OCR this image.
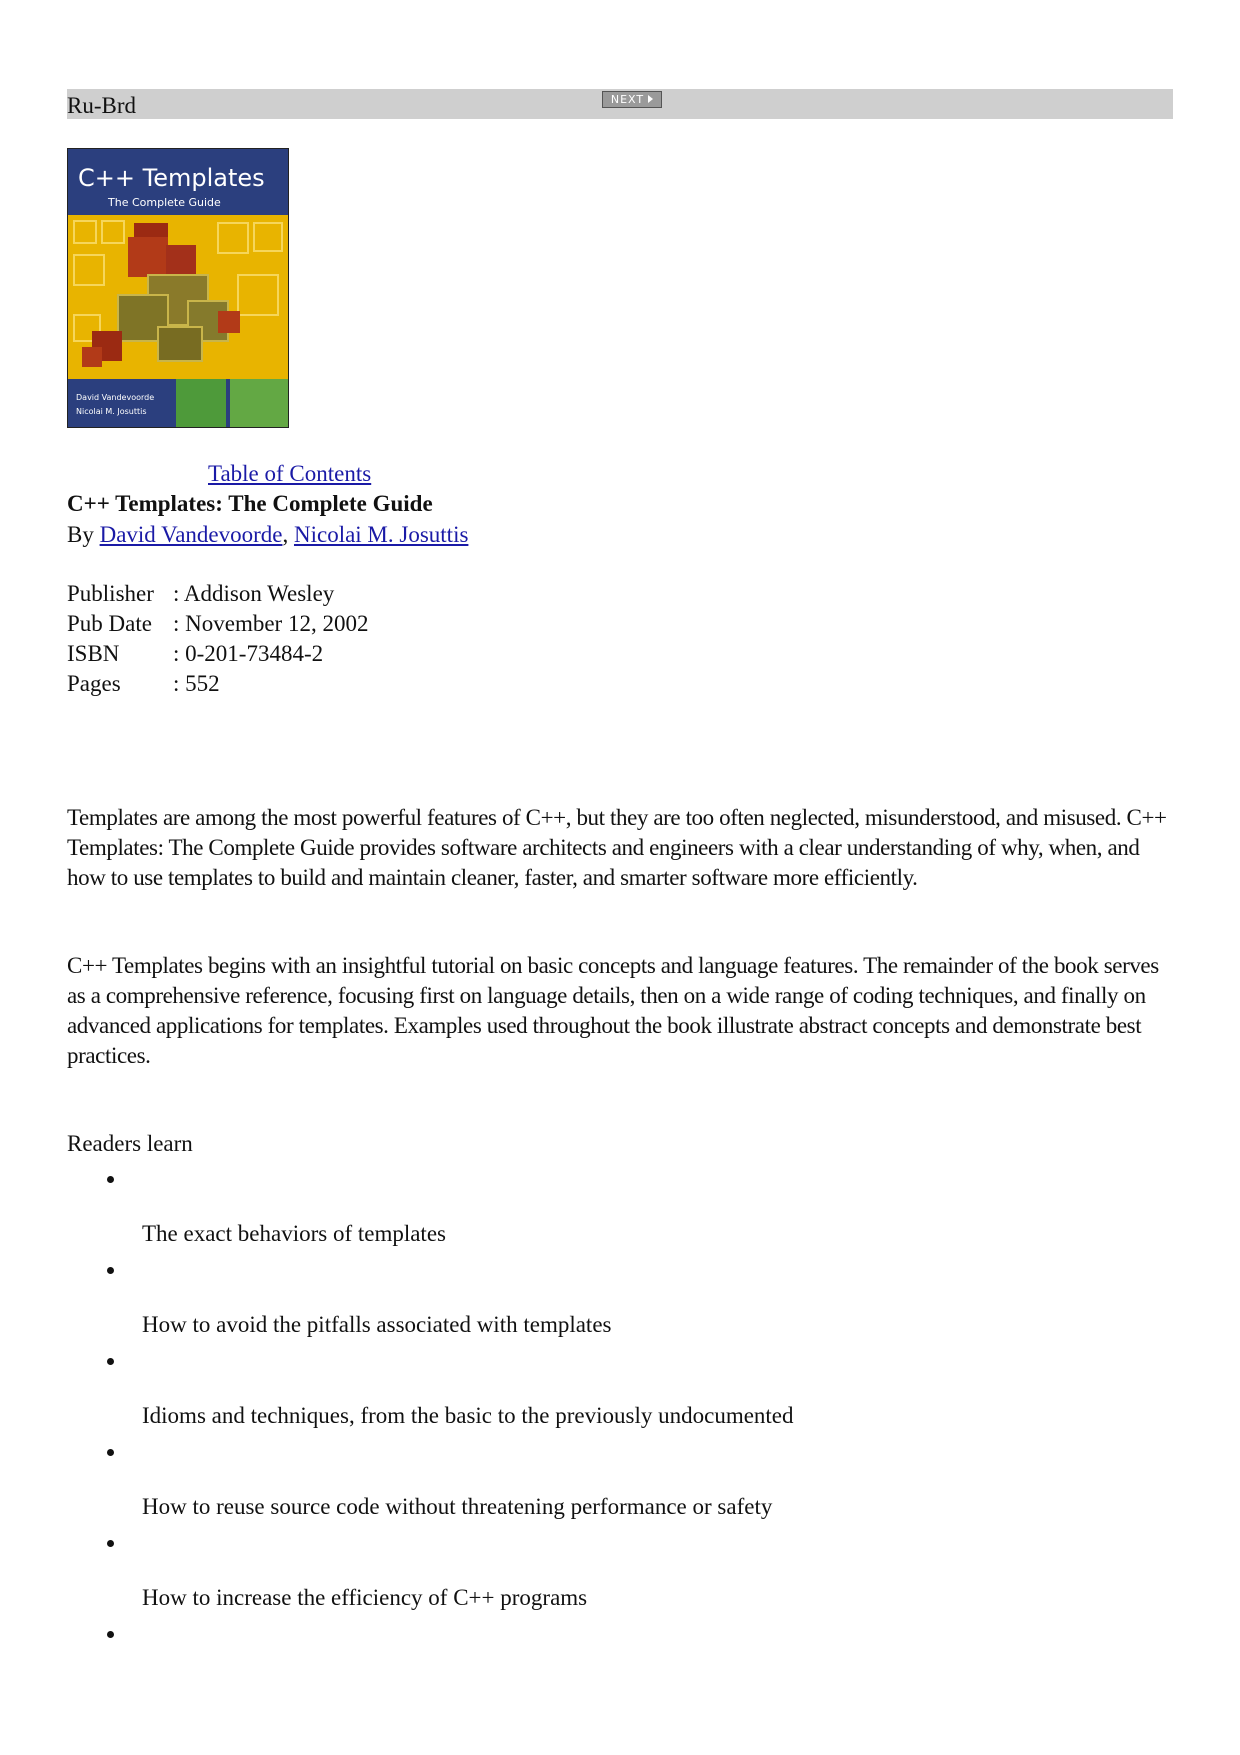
Ru-Brd	NEXT
C++ Templates
The Complete Guide
David Vandevoorde
Nicolai M. Josuttis
Table of Contents
C++ Templates: The Complete Guide
By David Vandevoorde, Nicolai M. Josuttis
Publisher : Addison Wesley
Pub Date : November 12, 2002
ISBN : 0-201-73484-2
Pages : 552
Templates are among the most powerful features of C++, but they are too often neglected, misunderstood, and misused. C++ Templates: The Complete Guide provides software architects and engineers with a clear understanding of why, when, and how to use templates to build and maintain cleaner, faster, and smarter software more efficiently.
C++ Templates begins with an insightful tutorial on basic concepts and language features. The remainder of the book serves as a comprehensive reference, focusing first on language details, then on a wide range of coding techniques, and finally on advanced applications for templates. Examples used throughout the book illustrate abstract concepts and demonstrate best practices.
Readers learn
The exact behaviors of templates
How to avoid the pitfalls associated with templates
Idioms and techniques, from the basic to the previously undocumented
How to reuse source code without threatening performance or safety
How to increase the efficiency of C++ programs
